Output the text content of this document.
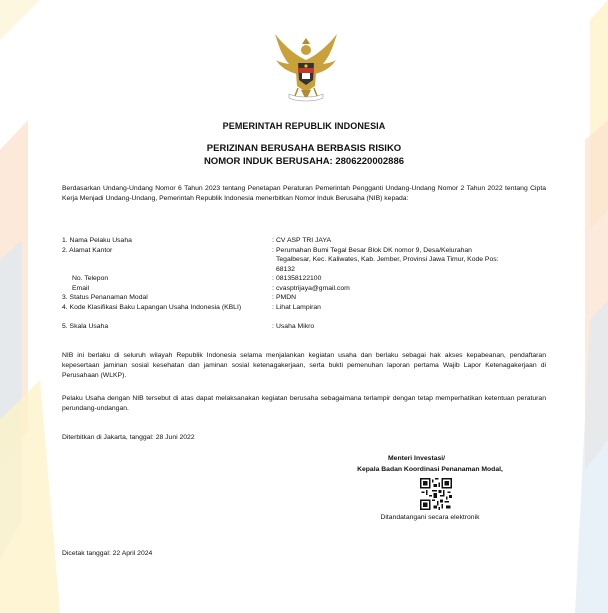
PEMERINTAH REPUBLIK INDONESIA
PERIZINAN BERUSAHA BERBASIS RISIKO
NOMOR INDUK BERUSAHA: 2806220002886
Berdasarkan Undang-Undang Nomor 6 Tahun 2023 tentang Penetapan Peraturan Pemerintah Pengganti Undang-Undang Nomor 2 Tahun 2022 tentang Cipta Kerja Menjadi Undang-Undang, Pemerintah Republik Indonesia menerbitkan Nomor Induk Berusaha (NIB) kepada:
1. Nama Pelaku Usaha	: CV ASP TRI JAYA
2. Alamat Kantor	: Perumahan Bumi Tegal Besar Blok DK nomor 9, Desa/Kelurahan Tegalbesar, Kec. Kaliwates, Kab. Jember, Provinsi Jawa Timur, Kode Pos: 68132
No. Telepon	: 081358122100
Email	: cvasptrijaya@gmail.com
3. Status Penanaman Modal	: PMDN
4. Kode Klasifikasi Baku Lapangan Usaha Indonesia (KBLI)	: Lihat Lampiran
5. Skala Usaha	: Usaha Mikro
NIB ini berlaku di seluruh wilayah Republik Indonesia selama menjalankan kegiatan usaha dan berlaku sebagai hak akses kepabeanan, pendaftaran kepesertaan jaminan sosial kesehatan dan jaminan sosial ketenagakerjaan, serta bukti pemenuhan laporan pertama Wajib Lapor Ketenagakerjaan di Perusahaan (WLKP).
Pelaku Usaha dengan NIB tersebut di atas dapat melaksanakan kegiatan berusaha sebagaimana terlampir dengan tetap memperhatikan ketentuan peraturan perundang-undangan.
Diterbitkan di Jakarta, tanggal: 28 Juni 2022
Menteri Investasi/
Kepala Badan Koordinasi Penanaman Modal,
Ditandatangani secara elektronik
Dicetak tanggal: 22 April 2024
